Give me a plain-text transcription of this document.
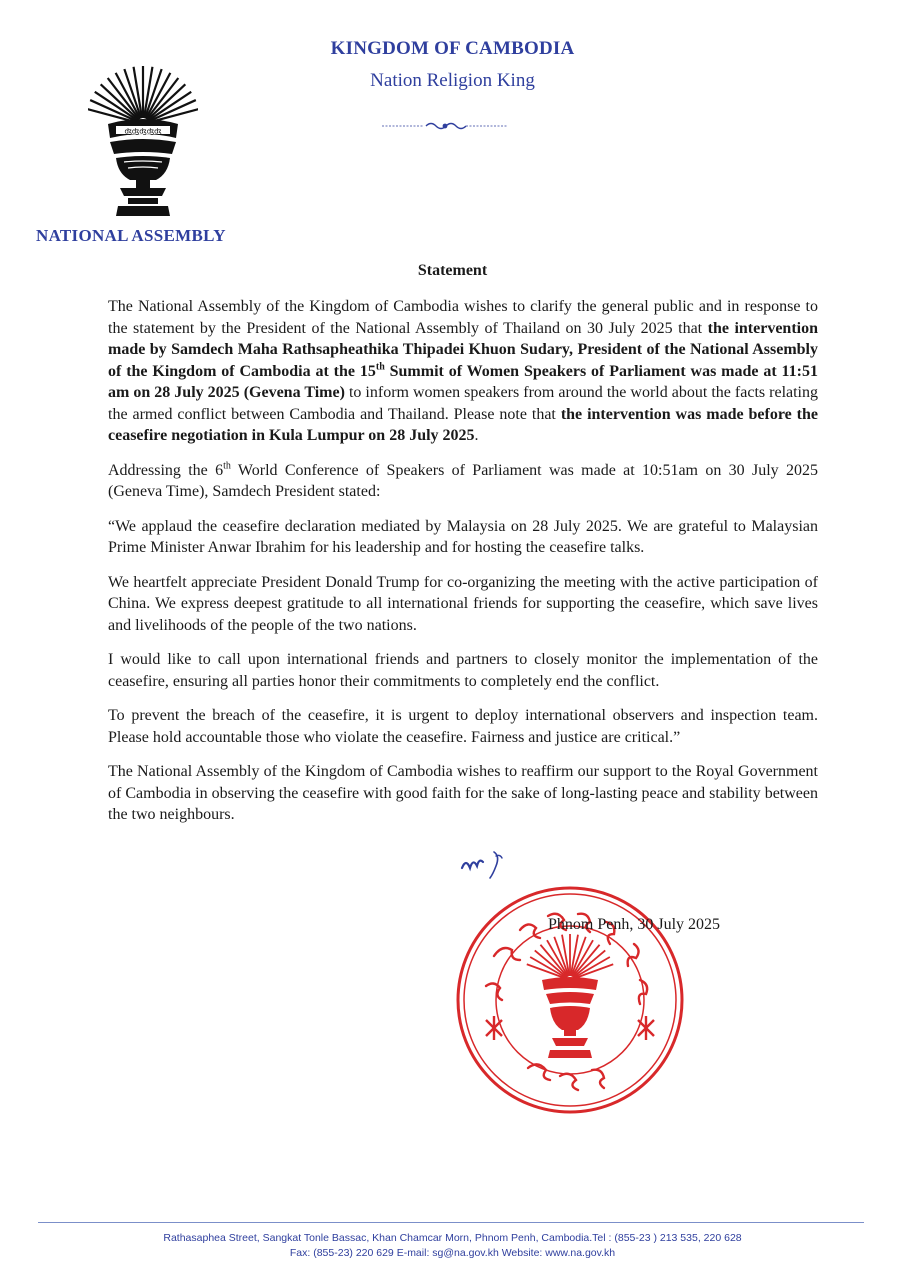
KINGDOM OF CAMBODIA
Nation Religion King
ʤʤʤʤʤ
NATIONAL ASSEMBLY
Statement

The National Assembly of the Kingdom of Cambodia wishes to clarify the general public and in response to the statement by the President of the National Assembly of Thailand on 30 July 2025 that the intervention made by Samdech Maha Rathsapheathika Thipadei Khuon Sudary, President of the National Assembly of the Kingdom of Cambodia at the 15th Summit of Women Speakers of Parliament was made at 11:51 am on 28 July 2025 (Gevena Time) to inform women speakers from around the world about the facts relating the armed conflict between Cambodia and Thailand. Please note that the intervention was made before the ceasefire negotiation in Kula Lumpur on 28 July 2025.

Addressing the 6th World Conference of Speakers of Parliament was made at 10:51am on 30 July 2025 (Geneva Time), Samdech President stated:

“We applaud the ceasefire declaration mediated by Malaysia on 28 July 2025. We are grateful to Malaysian Prime Minister Anwar Ibrahim for his leadership and for hosting the ceasefire talks.

We heartfelt appreciate President Donald Trump for co-organizing the meeting with the active participation of China. We express deepest gratitude to all international friends for supporting the ceasefire, which save lives and livelihoods of the people of the two nations.

I would like to call upon international friends and partners to closely monitor the implementation of the ceasefire, ensuring all parties honor their commitments to completely end the conflict.

To prevent the breach of the ceasefire, it is urgent to deploy international observers and inspection team. Please hold accountable those who violate the ceasefire. Fairness and justice are critical.”

The National Assembly of the Kingdom of Cambodia wishes to reaffirm our support to the Royal Government of Cambodia in observing the ceasefire with good faith for the sake of long-lasting peace and stability between the two neighbours.

Phnom Penh, 30 July 2025
Rathasaphea Street, Sangkat Tonle Bassac, Khan Chamcar Morn, Phnom Penh, Cambodia.Tel : (855-23 ) 213 535, 220 628
Fax: (855-23) 220 629 E-mail: sg@na.gov.kh Website: www.na.gov.kh
